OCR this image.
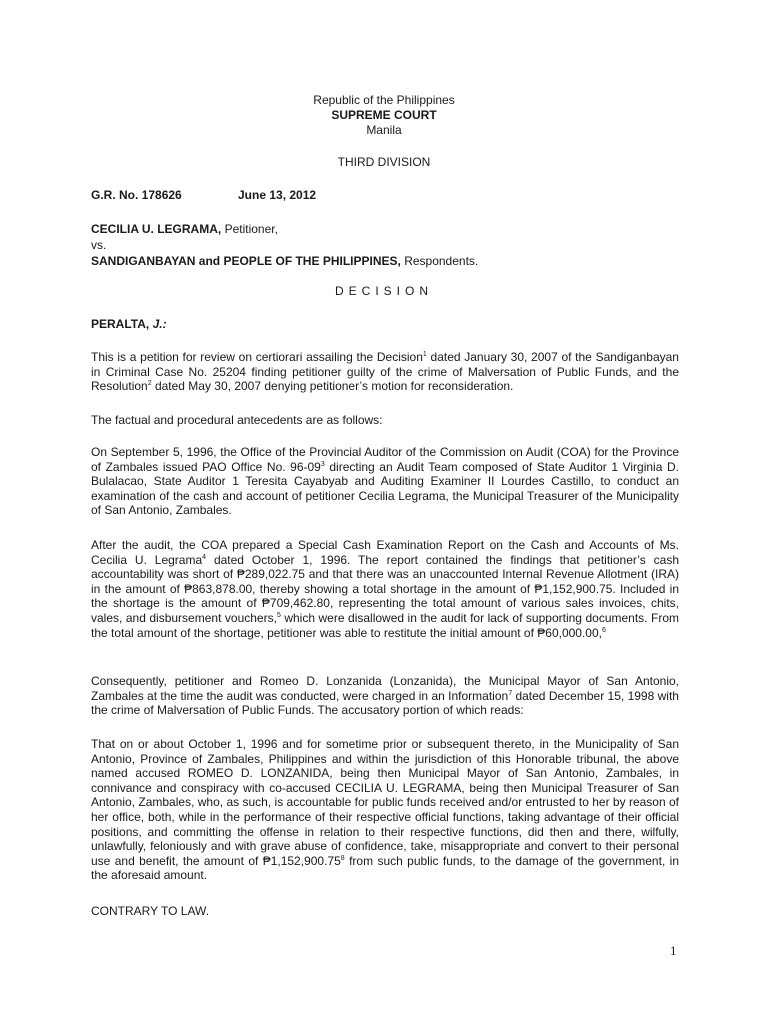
Republic of the Philippines
SUPREME COURT
Manila
THIRD DIVISION
G.R. No. 178626	June 13, 2012
CECILIA U. LEGRAMA, Petitioner,
vs.
SANDIGANBAYAN and PEOPLE OF THE PHILIPPINES, Respondents.
DECISION
PERALTA, J.:
This is a petition for review on certiorari assailing the Decision$^1$ dated January 30, 2007 of the Sandiganbayan in Criminal Case No. 25204 finding petitioner guilty of the crime of Malversation of Public Funds, and the Resolution$^2$ dated May 30, 2007 denying petitioner’s motion for reconsideration.
The factual and procedural antecedents are as follows:
On September 5, 1996, the Office of the Provincial Auditor of the Commission on Audit (COA) for the Province of Zambales issued PAO Office No. $96-09^3$ directing an Audit Team composed of State Auditor 1 Virginia D. Bulalacao, State Auditor 1 Teresita Cayabyab and Auditing Examiner II Lourdes Castillo, to conduct an examination of the cash and account of petitioner Cecilia Legrama, the Municipal Treasurer of the Municipality of San Antonio, Zambales.
After the audit, the COA prepared a Special Cash Examination Report on the Cash and Accounts of Ms. Cecilia U. Legrama$^4$ dated October 1, 1996. The report contained the findings that petitioner’s cash accountability was short of ₱289,022.75 and that there was an unaccounted Internal Revenue Allotment (IRA) in the amount of ₱863,878.00, thereby showing a total shortage in the amount of ₱1,152,900.75. Included in the shortage is the amount of ₱709,462.80, representing the total amount of various sales invoices, chits, vales, and disbursement vouchers,$^5$ which were disallowed in the audit for lack of supporting documents. From the total amount of the shortage, petitioner was able to restitute the initial amount of ₱60,000.00,$^6$
Consequently, petitioner and Romeo D. Lonzanida (Lonzanida), the Municipal Mayor of San Antonio, Zambales at the time the audit was conducted, were charged in an Information$^7$ dated December 15, 1998 with the crime of Malversation of Public Funds. The accusatory portion of which reads:
That on or about October 1, 1996 and for sometime prior or subsequent thereto, in the Municipality of San Antonio, Province of Zambales, Philippines and within the jurisdiction of this Honorable tribunal, the above named accused ROMEO D. LONZANIDA, being then Municipal Mayor of San Antonio, Zambales, in connivance and conspiracy with co-accused CECILIA U. LEGRAMA, being then Municipal Treasurer of San Antonio, Zambales, who, as such, is accountable for public funds received and/or entrusted to her by reason of her office, both, while in the performance of their respective official functions, taking advantage of their official positions, and committing the offense in relation to their respective functions, did then and there, wilfully, unlawfully, feloniously and with grave abuse of confidence, take, misappropriate and convert to their personal use and benefit, the amount of ₱1,152,900.75$^8$ from such public funds, to the damage of the government, in the aforesaid amount.
CONTRARY TO LAW.
1
